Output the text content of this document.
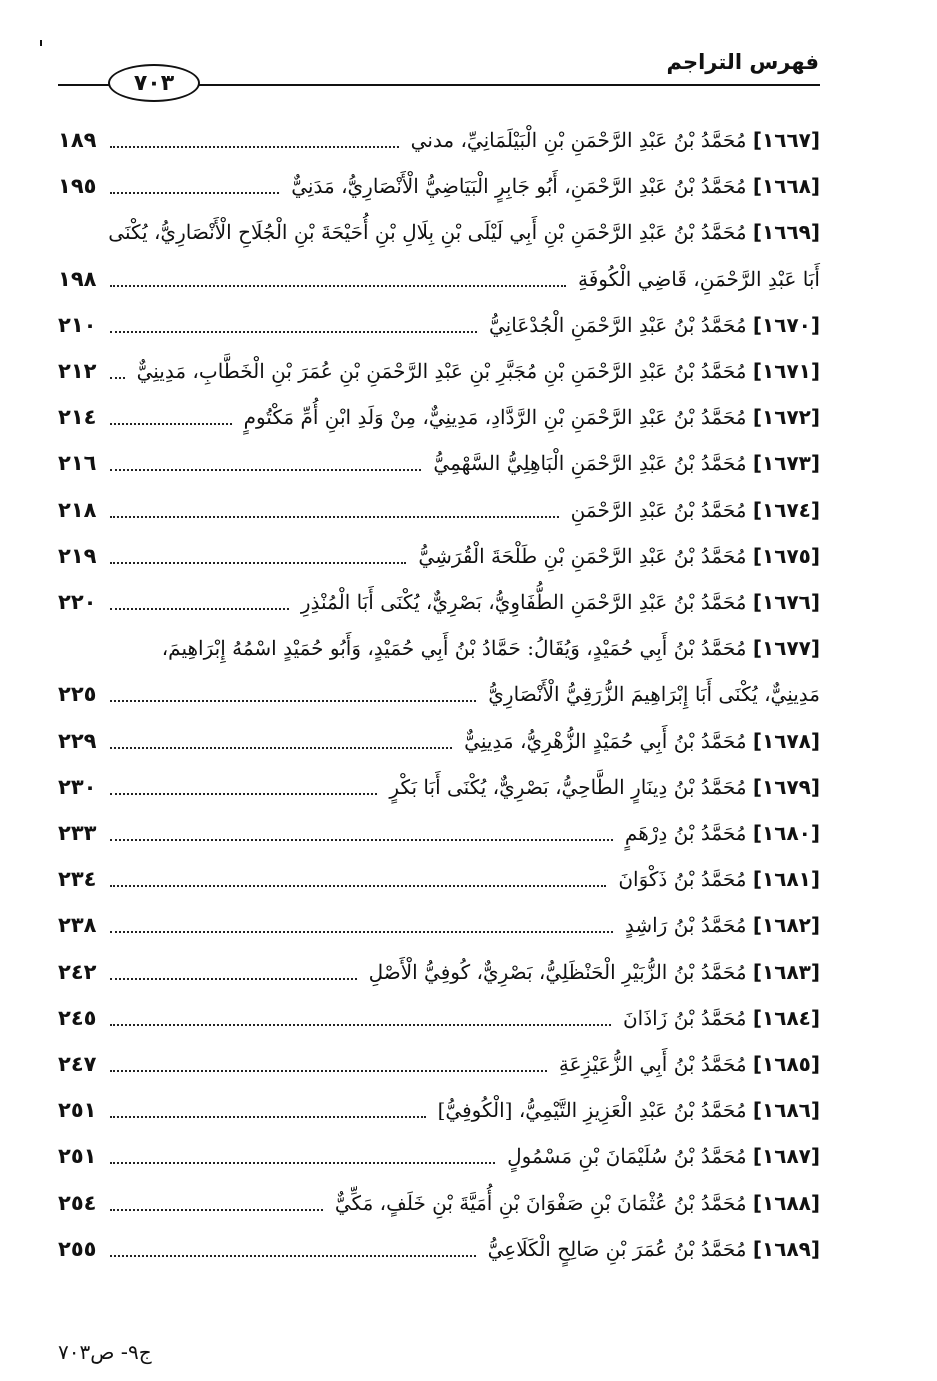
فهرس التراجم
٧٠٣
[١٦٦٧] مُحَمَّدُ بْنُ عَبْدِ الرَّحْمَنِ بْنِ الْبَيْلَمَانِيِّ، مدني
١٨٩
[١٦٦٨] مُحَمَّدُ بْنُ عَبْدِ الرَّحْمَنِ، أَبُو جَابِرٍ الْبَيَاضِيُّ الْأَنْصَارِيُّ، مَدَنِيٌّ
١٩٥
[١٦٦٩] مُحَمَّدُ بْنُ عَبْدِ الرَّحْمَنِ بْنِ أَبِي لَيْلَى بْنِ بِلَالِ بْنِ أُحَيْحَةَ بْنِ الْجُلَاحِ الْأَنْصَارِيُّ، يُكْنَى
أَبَا عَبْدِ الرَّحْمَنِ، قَاضِي الْكُوفَةِ
١٩٨
[١٦٧٠] مُحَمَّدُ بْنُ عَبْدِ الرَّحْمَنِ الْجُدْعَانِيُّ
٢١٠
[١٦٧١] مُحَمَّدُ بْنُ عَبْدِ الرَّحْمَنِ بْنِ مُجَبَّرِ بْنِ عَبْدِ الرَّحْمَنِ بْنِ عُمَرَ بْنِ الْخَطَّابِ، مَدِينِيٌّ
٢١٢
[١٦٧٢] مُحَمَّدُ بْنُ عَبْدِ الرَّحْمَنِ بْنِ الرَّدَّادِ، مَدِينِيٌّ، مِنْ وَلَدِ ابْنِ أُمِّ مَكْتُومٍ
٢١٤
[١٦٧٣] مُحَمَّدُ بْنُ عَبْدِ الرَّحْمَنِ الْبَاهِلِيُّ السَّهْمِيُّ
٢١٦
[١٦٧٤] مُحَمَّدُ بْنُ عَبْدِ الرَّحْمَنِ
٢١٨
[١٦٧٥] مُحَمَّدُ بْنُ عَبْدِ الرَّحْمَنِ بْنِ طَلْحَةَ الْقُرَشِيُّ
٢١٩
[١٦٧٦] مُحَمَّدُ بْنُ عَبْدِ الرَّحْمَنِ الطُّفَاوِيُّ، بَصْرِيٌّ، يُكْنَى أَبَا الْمُنْذِرِ
٢٢٠
[١٦٧٧] مُحَمَّدُ بْنُ أَبِي حُمَيْدٍ، وَيُقَالُ: حَمَّادُ بْنُ أَبِي حُمَيْدٍ، وَأَبُو حُمَيْدٍ اسْمُهُ إِبْرَاهِيمَ،
مَدِينِيٌّ، يُكْنَى أَبَا إِبْرَاهِيمَ الزُّرَقِيُّ الْأَنْصَارِيُّ
٢٢٥
[١٦٧٨] مُحَمَّدُ بْنُ أَبِي حُمَيْدٍ الزُّهْرِيُّ، مَدِينِيٌّ
٢٢٩
[١٦٧٩] مُحَمَّدُ بْنُ دِينَارٍ الطَّاحِيُّ، بَصْرِيٌّ، يُكْنَى أَبَا بَكْرٍ
٢٣٠
[١٦٨٠] مُحَمَّدُ بْنُ دِرْهَمٍ
٢٣٣
[١٦٨١] مُحَمَّدُ بْنُ ذَكْوَانَ
٢٣٤
[١٦٨٢] مُحَمَّدُ بْنُ رَاشِدٍ
٢٣٨
[١٦٨٣] مُحَمَّدُ بْنُ الزُّبَيْرِ الْحَنْظَلِيُّ، بَصْرِيٌّ، كُوفِيُّ الْأَصْلِ
٢٤٢
[١٦٨٤] مُحَمَّدُ بْنُ زَاذَانَ
٢٤٥
[١٦٨٥] مُحَمَّدُ بْنُ أَبِي الزُّعَيْزِعَةِ
٢٤٧
[١٦٨٦] مُحَمَّدُ بْنُ عَبْدِ الْعَزِيزِ التَّيْمِيُّ، [الْكُوفِيُّ]
٢٥١
[١٦٨٧] مُحَمَّدُ بْنُ سُلَيْمَانَ بْنِ مَسْمُولٍ
٢٥١
[١٦٨٨] مُحَمَّدُ بْنُ عُثْمَانَ بْنِ صَفْوَانَ بْنِ أُمَيَّةَ بْنِ خَلَفٍ، مَكِّيٌّ
٢٥٤
[١٦٨٩] مُحَمَّدُ بْنُ عُمَرَ بْنِ صَالِحٍ الْكَلَاعِيُّ
٢٥٥
ج٩- ص٧٠٣
